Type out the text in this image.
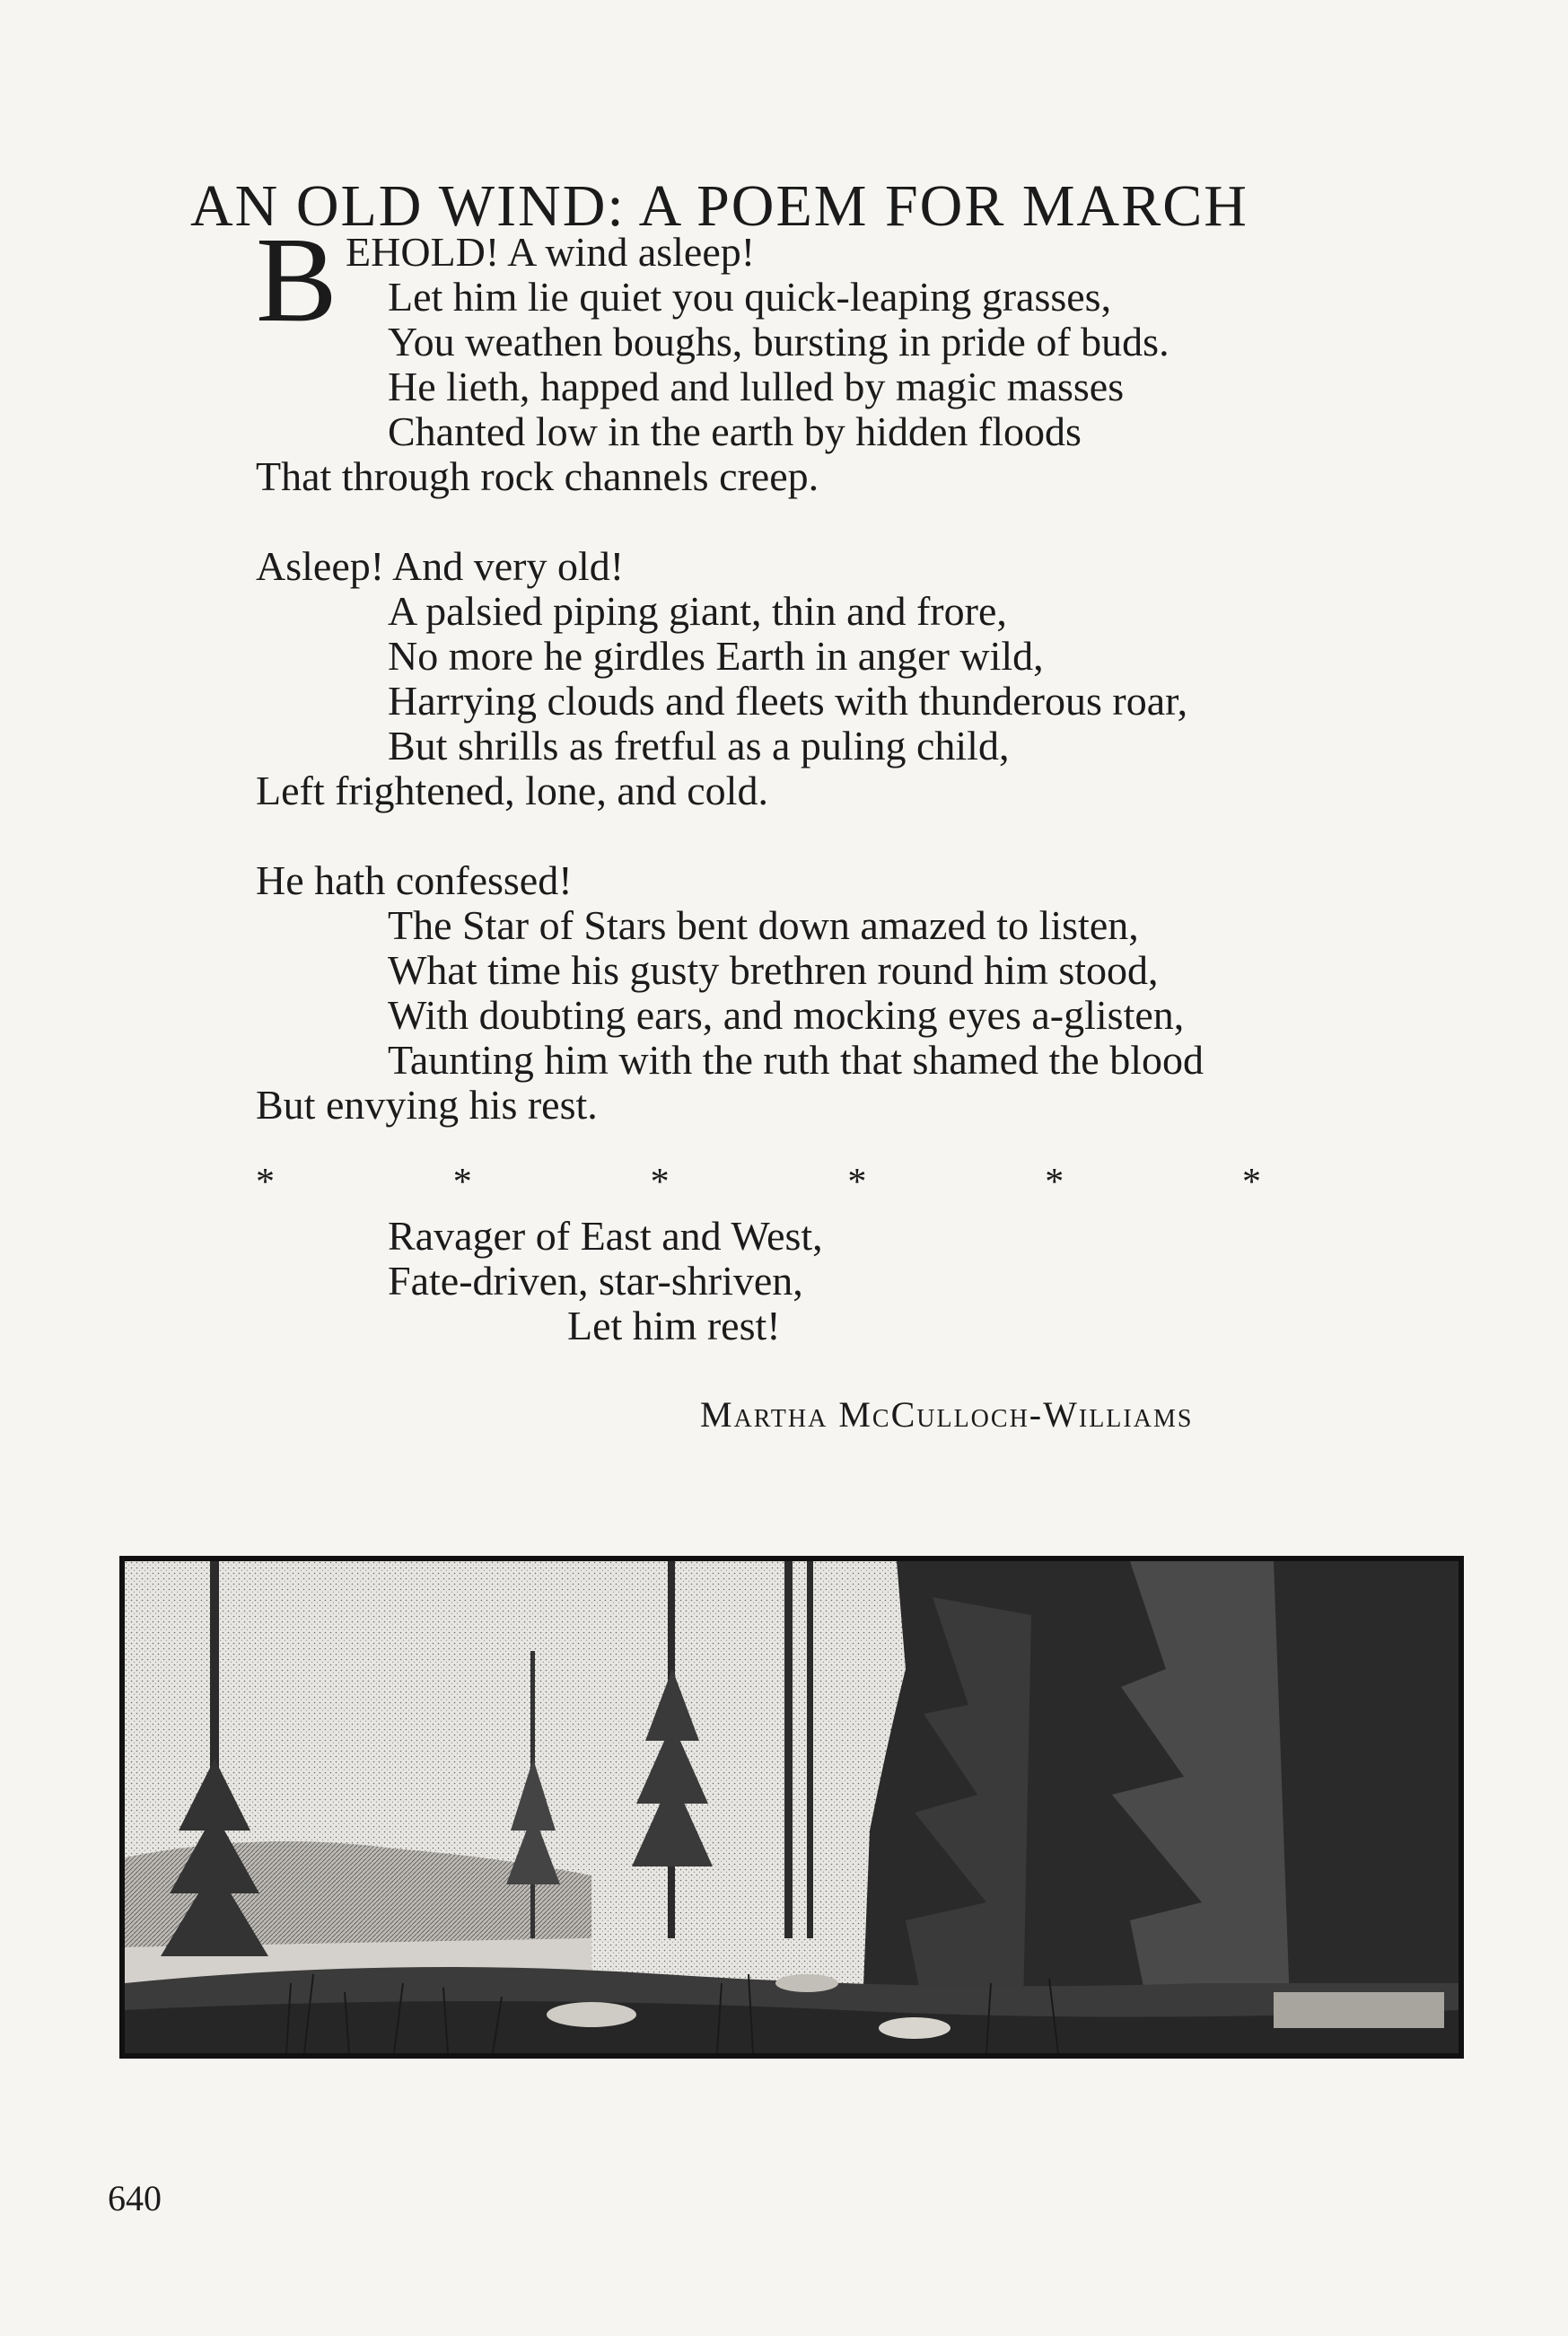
AN OLD WIND: A POEM FOR MARCH
B EHOLD! A wind asleep!
Let him lie quiet you quick-leaping grasses,
You weathen boughs, bursting in pride of buds.
He lieth, happed and lulled by magic masses
Chanted low in the earth by hidden floods
That through rock channels creep.
Asleep! And very old!
A palsied piping giant, thin and frore,
No more he girdles Earth in anger wild,
Harrying clouds and fleets with thunderous roar,
But shrills as fretful as a puling child,
Left frightened, lone, and cold.
He hath confessed!
The Star of Stars bent down amazed to listen,
What time his gusty brethren round him stood,
With doubting ears, and mocking eyes a-glisten,
Taunting him with the ruth that shamed the blood
But envying his rest.
*	*	*	*	*	*
Ravager of East and West,
Fate-driven, star-shriven,
Let him rest!
Martha McCulloch-Williams
640
